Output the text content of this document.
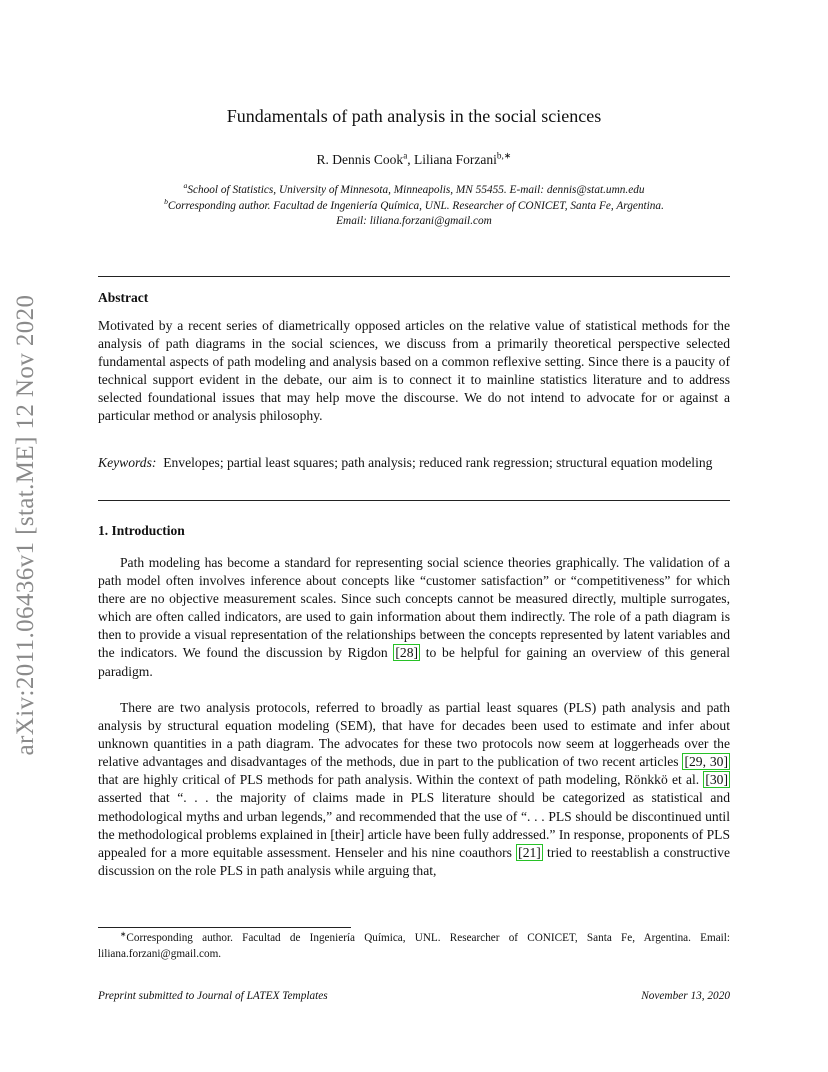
arXiv:2011.06436v1 [stat.ME] 12 Nov 2020
Fundamentals of path analysis in the social sciences
R. Dennis Cook$^a$, Liliana Forzani$^{b,∗}$
$^a$School of Statistics, University of Minnesota, Minneapolis, MN 55455. E-mail: dennis@stat.umn.edu
$^b$Corresponding author. Facultad de Ingeniería Química, UNL. Researcher of CONICET, Santa Fe, Argentina.
Email: liliana.forzani@gmail.com
Abstract

Motivated by a recent series of diametrically opposed articles on the relative value of statistical methods for the analysis of path diagrams in the social sciences, we discuss from a primarily theoretical perspective selected fundamental aspects of path modeling and analysis based on a common reflexive setting. Since there is a paucity of technical support evident in the debate, our aim is to connect it to mainline statistics literature and to address selected foundational issues that may help move the discourse. We do not intend to advocate for or against a particular method or analysis philosophy.

Keywords: Envelopes; partial least squares; path analysis; reduced rank regression; structural equation modeling

1. Introduction

Path modeling has become a standard for representing social science theories graphically. The validation of a path model often involves inference about concepts like “customer satisfaction” or “competitiveness” for which there are no objective measurement scales. Since such concepts cannot be measured directly, multiple surrogates, which are often called indicators, are used to gain information about them indirectly. The role of a path diagram is then to provide a visual representation of the relationships between the concepts represented by latent variables and the indicators. We found the discussion by Rigdon [28] to be helpful for gaining an overview of this general paradigm.

There are two analysis protocols, referred to broadly as partial least squares (PLS) path analysis and path analysis by structural equation modeling (SEM), that have for decades been used to estimate and infer about unknown quantities in a path diagram. The advocates for these two protocols now seem at loggerheads over the relative advantages and disadvantages of the methods, due in part to the publication of two recent articles [29, 30] that are highly critical of PLS methods for path analysis. Within the context of path modeling, Rönkkö et al. [30] asserted that “. . . the majority of claims made in PLS literature should be categorized as statistical and methodological myths and urban legends,” and recommended that the use of “. . . PLS should be discontinued until the methodological problems explained in [their] article have been fully addressed.” In response, proponents of PLS appealed for a more equitable assessment. Henseler and his nine coauthors [21] tried to reestablish a constructive discussion on the role PLS in path analysis while arguing that,

∗Corresponding author. Facultad de Ingeniería Química, UNL. Researcher of CONICET, Santa Fe, Argentina. Email: liliana.forzani@gmail.com.

Preprint submitted to Journal of LATEX Templates	November 13, 2020
